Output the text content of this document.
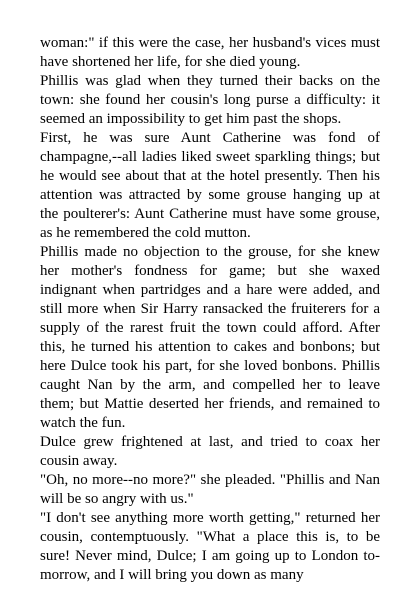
woman:" if this were the case, her husband's vices must have shortened her life, for she died young.

Phillis was glad when they turned their backs on the town: she found her cousin's long purse a difficulty: it seemed an impossibility to get him past the shops.

First, he was sure Aunt Catherine was fond of champagne,--all ladies liked sweet sparkling things; but he would see about that at the hotel presently. Then his attention was attracted by some grouse hanging up at the poulterer's: Aunt Catherine must have some grouse, as he remembered the cold mutton.

Phillis made no objection to the grouse, for she knew her mother's fondness for game; but she waxed indignant when partridges and a hare were added, and still more when Sir Harry ransacked the fruiterers for a supply of the rarest fruit the town could afford. After this, he turned his attention to cakes and bonbons; but here Dulce took his part, for she loved bonbons. Phillis caught Nan by the arm, and compelled her to leave them; but Mattie deserted her friends, and remained to watch the fun.

Dulce grew frightened at last, and tried to coax her cousin away.

"Oh, no more--no more?" she pleaded. "Phillis and Nan will be so angry with us."

"I don't see anything more worth getting," returned her cousin, contemptuously. "What a place this is, to be sure! Never mind, Dulce; I am going up to London to-morrow, and I will bring you down as many
